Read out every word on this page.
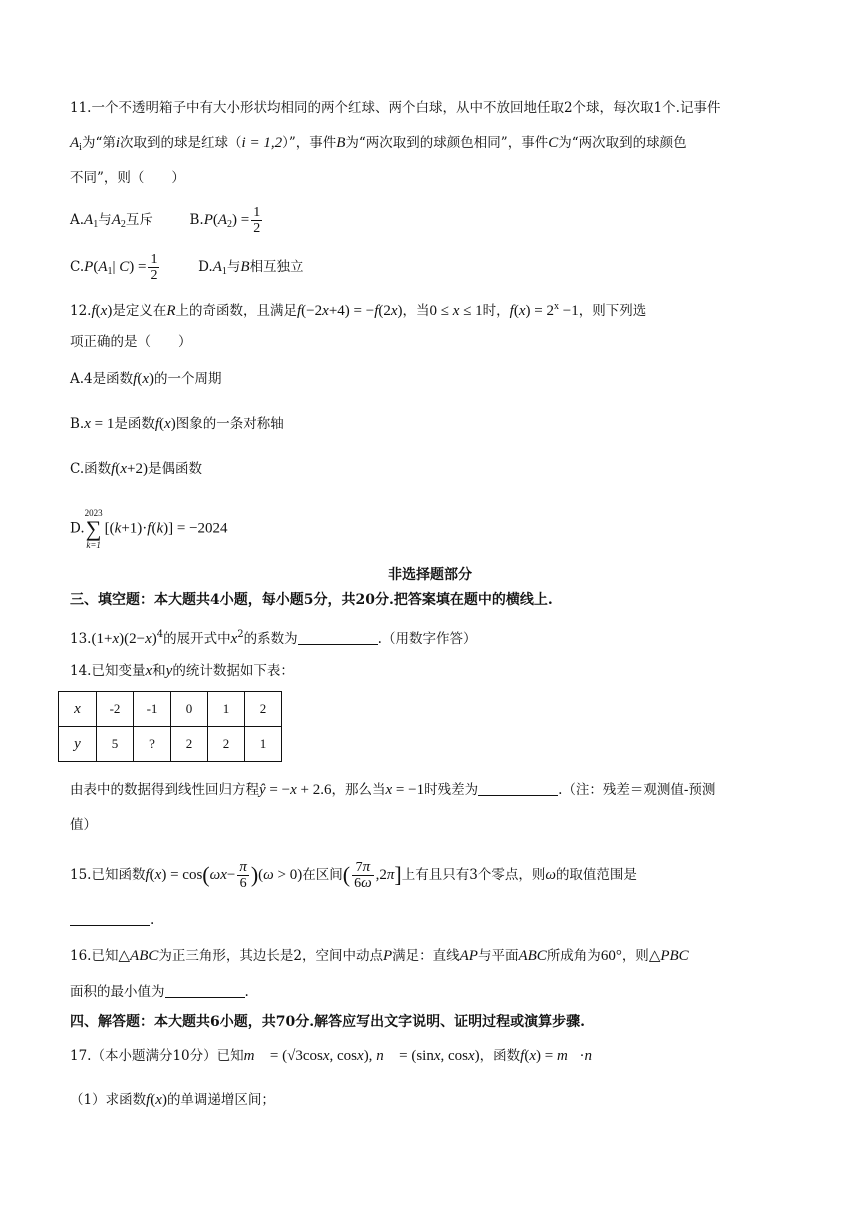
11.一个不透明箱子中有大小形状均相同的两个红球、两个白球，从中不放回地任取2个球，每次取1个.记事件
$A_i$为“第i次取到的球是红球（i = 1,2）”，事件B为“两次取到的球颜色相同”，事件C为“两次取到的球颜色
不同”，则（　　）
$A.A_1$与$A_2$互斥	$B.P(A_2) = \frac{1}{2}$
$C.P(A_1|$ $C) = \frac{1}{2}$	$D.A_1$与B相互独立
12.f(x)是定义在R上的奇函数，且满足f(−2x+4) = −f(2x)，当0 ≤ x ≤ 1时，$f(x) = 2^x -1$，则下列选
项正确的是（　　）
A.4是函数f(x)的一个周期
B.x = 1是函数f(x)图象的一条对称轴
C.函数f(x+2)是偶函数
D.
2023
∑
k=1
[(k+1)·f(k)] = −2024
非选择题部分
三、填空题：本大题共4小题，每小题5分，共20分.把答案填在题中的横线上.
$13.(1+x)(2-x)^4$的展开式中$x^2$的系数为	.（用数字作答）
14.已知变量x和y的统计数据如下表：
x	-2	-1	0	1	2
y	5	?	2	2	1
由表中的数据得到线性回归方程ŷ = −x + 2.6，那么当x = −1时残差为	.（注：残差＝观测值-预测
值）
15.已知函数$f(x) = \cos(\omega x- \frac{\pi}{6} )(\omega > 0)$在区间( $\frac{7\pi}{6\omega} ,2\pi$]上有且只有3个零点，则ω的取值范围是
.
16.已知△ABC为正三角形，其边长是2，空间中动点P满足：直线AP与平面ABC所成角为60°，则△PBC
面积的最小值为	.
四、解答题：本大题共6小题，共70分.解答应写出文字说明、证明过程或演算步骤.
17.（本小题满分10分）已知m⃗ = (√3cosx, cosx), n⃗ = (sinx, cosx)，函数f(x) = m⃗·n⃗
（1）求函数f(x)的单调递增区间；
